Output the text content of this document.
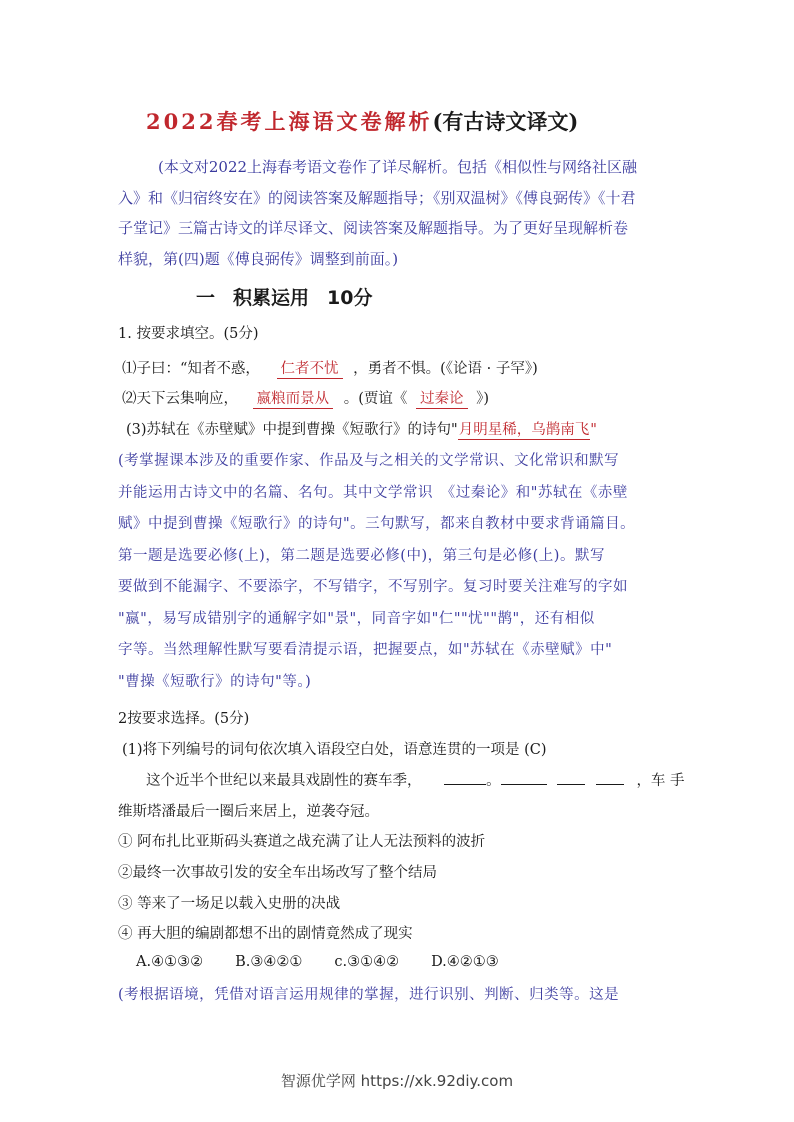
2022春考上海语文卷解析(有古诗文译文)
(本文对2022上海春考语文卷作了详尽解析。包括《相似性与网络社区融
入》和《归宿终安在》的阅读答案及解题指导；《别双温树》《傅良弼传》《十君
子堂记》三篇古诗文的详尽译文、阅读答案及解题指导。为了更好呈现解析卷
样貌，第(四)题《傅良弼传》调整到前面。)
一 积累运用 10分
1. 按要求填空。(5分)
⑴子曰：“知者不惑， 仁者不忧 ，勇者不惧。(《论语 · 子罕》)
⑵天下云集响应， 嬴粮而景从 。(贾谊《 过秦论 》)
(3)苏轼在《赤壁赋》中提到曹操《短歌行》的诗句"月明星稀，乌鹊南飞"
(考掌握课本涉及的重要作家、作品及与之相关的文学常识、文化常识和默写
并能运用古诗文中的名篇、名句。其中文学常识　《过秦论》和"苏轼在《赤壁
赋》中提到曹操《短歌行》的诗句"。三句默写，都来自教材中要求背诵篇目。
第一题是选要必修(上)，第二题是选要必修(中)，第三句是必修(上)。默写
要做到不能漏字、不要添字，不写错字，不写别字。复习时要关注难写的字如
"嬴"，易写成错别字的通解字如"景"，同音字如"仁""忧""鹊"，还有相似
字等。当然理解性默写要看清提示语，把握要点，如"苏轼在《赤壁赋》中"
"曹操《短歌行》的诗句"等。)
2按要求选择。(5分)
(1)将下列编号的词句依次填入语段空白处，语意连贯的一项是 (C)
这个近半个世纪以来最具戏剧性的赛车季，	。	，车 手
维斯塔潘最后一圈后来居上，逆袭夺冠。
① 阿布扎比亚斯码头赛道之战充满了让人无法预料的波折
②最终一次事故引发的安全车出场改写了整个结局
③ 等来了一场足以载入史册的决战
④ 再大胆的编剧都想不出的剧情竟然成了现实
A.④①③② B.③④②① c.③①④② D.④②①③
(考根据语境，凭借对语言运用规律的掌握，进行识别、判断、归类等。这是
智源优学网 https://xk.92diy.com
